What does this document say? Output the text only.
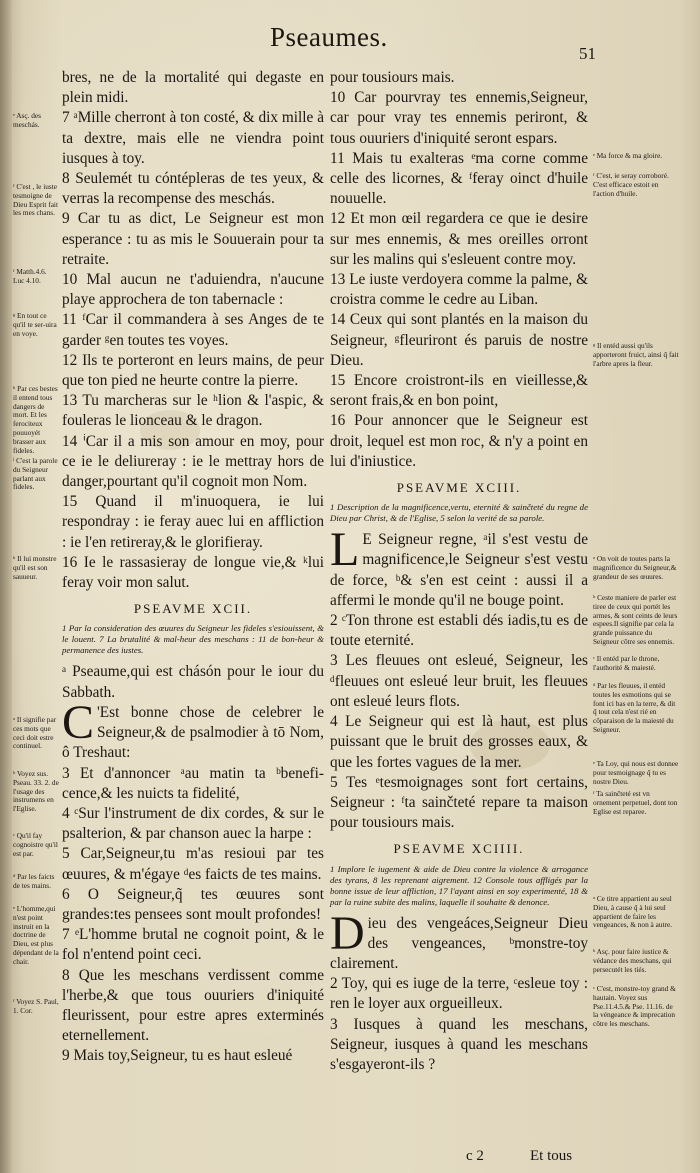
Pseaumes.
51
bres, ne de la mortalité qui degaste en plein midi.
7 ᵃMille cherront à ton costé, & dix mille à ta dextre, mais elle ne viendra point iusques à toy.
8 Seulemét tu cóntépleras de tes yeux, & verras la recompense des meschás.
9 Car tu as dict, Le Seigneur est mon esperance : tu as mis le Souuerain pour ta retraite.
10 Mal aucun ne t'aduiendra, n'aucune playe approchera de ton tabernacle :
11 ᶠCar il commandera à ses Anges de te garder ᵍen toutes tes voyes.
12 Ils te porteront en leurs mains, de peur que ton pied ne heurte contre la pierre.
13 Tu marcheras sur le ʰlion & l'aspic, & fouleras le lionceau & le dragon.
14 ⁱCar il a mis son amour en moy, pour ce ie le deliureray : ie le mettray hors de danger,pourtant qu'il cognoit mon Nom.
15 Quand il m'inuoquera, ie lui respondray : ie feray auec lui en affliction : ie l'en retireray,& le glorifieray.
16 Ie le rassasieray de longue vie,& ᵏlui feray voir mon salut.
PSEAVME XCII.
1 Par la consideration des œuures du Seigneur les fideles s'esiouissent, & le louent. 7 La brutalité & mal-heur des meschans : 11 de bon-heur & permanence des iustes.
ᵃ Pseaume,qui est chásón pour le iour du Sabbath.
C 'Est bonne chose de celebrer le Seigneur,& de psalmodier à tō Nom, ô Treshaut:
3 Et d'annoncer ᵃau matin ta ᵇbenefi-cence,& les nuicts ta fidelité,
4 ᶜSur l'instrument de dix cordes, & sur le psalterion, & par chanson auec la harpe :
5 Car,Seigneur,tu m'as resioui par tes œuures, & m'égaye ᵈes faicts de tes mains.
6 O Seigneur,q̃ tes œuures sont grandes:tes pensees sont moult profondes!
7 ᵉL'homme brutal ne cognoit point, & le fol n'entend point ceci.
8 Que les meschans verdissent comme l'herbe,& que tous ouuriers d'iniquité fleurissent, pour estre apres exterminés eternellement.
9 Mais toy,Seigneur, tu es haut esleué
pour tousiours mais.
10 Car pourvray tes ennemis,Seigneur, car pour vray tes ennemis periront, & tous ouuriers d'iniquité seront espars.
11 Mais tu exalteras ᵉma corne comme celle des licornes, & ᶠferay oinct d'huile nouuelle.
12 Et mon œil regardera ce que ie desire sur mes ennemis, & mes oreilles orront sur les malins qui s'esleuent contre moy.
13 Le iuste verdoyera comme la palme, & croistra comme le cedre au Liban.
14 Ceux qui sont plantés en la maison du Seigneur, ᵍfleuriront és paruis de nostre Dieu.
15 Encore croistront-ils en vieillesse,& seront frais,& en bon point,
16 Pour annoncer que le Seigneur est droit, lequel est mon roc, & n'y a point en lui d'iniustice.
PSEAVME XCIII.
1 Description de la magnificence,vertu, eternité & sainčteté du regne de Dieu par Christ, & de l'Eglise, 5 selon la verité de sa parole.
L E Seigneur regne, ᵃil s'est vestu de magnificence,le Seigneur s'est vestu de force, ᵇ& s'en est ceint : aussi il a affermi le monde qu'il ne bouge point.
2 ᶜTon throne est establi dés iadis,tu es de toute eternité.
3 Les fleuues ont esleué, Seigneur, les ᵈfleuues ont esleué leur bruit, les fleuues ont esleué leurs flots.
4 Le Seigneur qui est là haut, est plus puissant que le bruit des grosses eaux, & que les fortes vagues de la mer.
5 Tes ᵉtesmoignages sont fort certains, Seigneur : ᶠta sainčteté repare ta maison pour tousiours mais.
PSEAVME XCIIII.
1 Implore le iugement & aide de Dieu contre la violence & arrogance des tyrans, 8 les reprenant aigrement. 12 Console tous affligés par la bonne issue de leur affliction, 17 l'ayant ainsi en soy experimenté, 18 & par la ruine subite des malins, laquelle il souhaite & denonce.
Dieu des vengeáces,Seigneur Dieu des vengeances, ᵇmonstre-toy clairement.
2 Toy, qui es iuge de la terre, ᶜesleue toy : ren le loyer aux orgueilleux.
3 Iusques à quand les meschans, Seigneur, iusques à quand les meschans s'esgayeront-ils ?
ᵉ Asç. des meschás.
ᶠ C'est , le iuste tesmoigne de Dieu Esprit fait les mes chans.
ᶠ Matth.4.6. Luc 4.10.
ᵍ En tout ce qu'il te ser-uira en voye.
ʰ Par ces bestes il entend tous dangers de mort. Et les ferociteux pouuoyét brasser aux fideles.
ⁱ C'est la parole du Seigneur parlant aux fideles.
ᵏ Il lui monstre qu'il est son sauueur.
ᵃ Il signifie par ces mots que ceci doit estre continuel.
ᵇ Voyez sus. Pseau. 33. 2. de l'usage des instrumens en l'Eglise.
ᶜ Qu'il fay cognoistre qu'il est par.
ᵈ Par les faicts de tes mains.
ᵉ L'homme,qui n'est point instruit en la doctrine de Dieu, est plus dépendant de la chair.
ᶠ Voyez S. Paul, 1. Cor.
ᵉ Ma force & ma gloire.
ᶠ C'est, ie seray corroboré. C'est efficace estoit en l'action d'huile.
ᵍ Il entéd aussi qu'ils apporteront fruict, ainsi q̃ fait l'arbre apres la fleur.
ᵃ On voit de toutes parts la magnificence du Seigneur,& grandeur de ses œuures.
ᵇ Ceste maniere de parler est tiree de ceux qui portét les armes, & sont ceints de leurs espees.Il signifie par cela la grande puissance du Seigneur côtre ses ennemis.
ᶜ Il entéd par le throne, l'authorité & maiesté.
ᵈ Par les fleuues, il entéd toutes les esmotions qui se font ici bas en la terre, & dit q̃ tout cela n'est rié en côparaison de la maiesté du Seigneur.
ᵉ Ta Loy, qui nous est donnee pour tesmoignage q̃ tu es nostre Dieu.
ᶠ Ta sainčteté est vn ornement perpetuel, dont ton Eglise est reparee.
ᵃ Ce titre appartient au seul Dieu, à cause q̃ à lui seul appartient de faire les vengeances, & non à autre.
ᵇ Asç. pour faire iustice & védance des meschans, qui persecutét les tiés.
ᶜ C'est, monstre-toy grand & hautain. Voyez sus Pse.11.4.5.& Pse. 11.16. de la véngeance & imprecation côtre les meschans.
c 2	Et tous
